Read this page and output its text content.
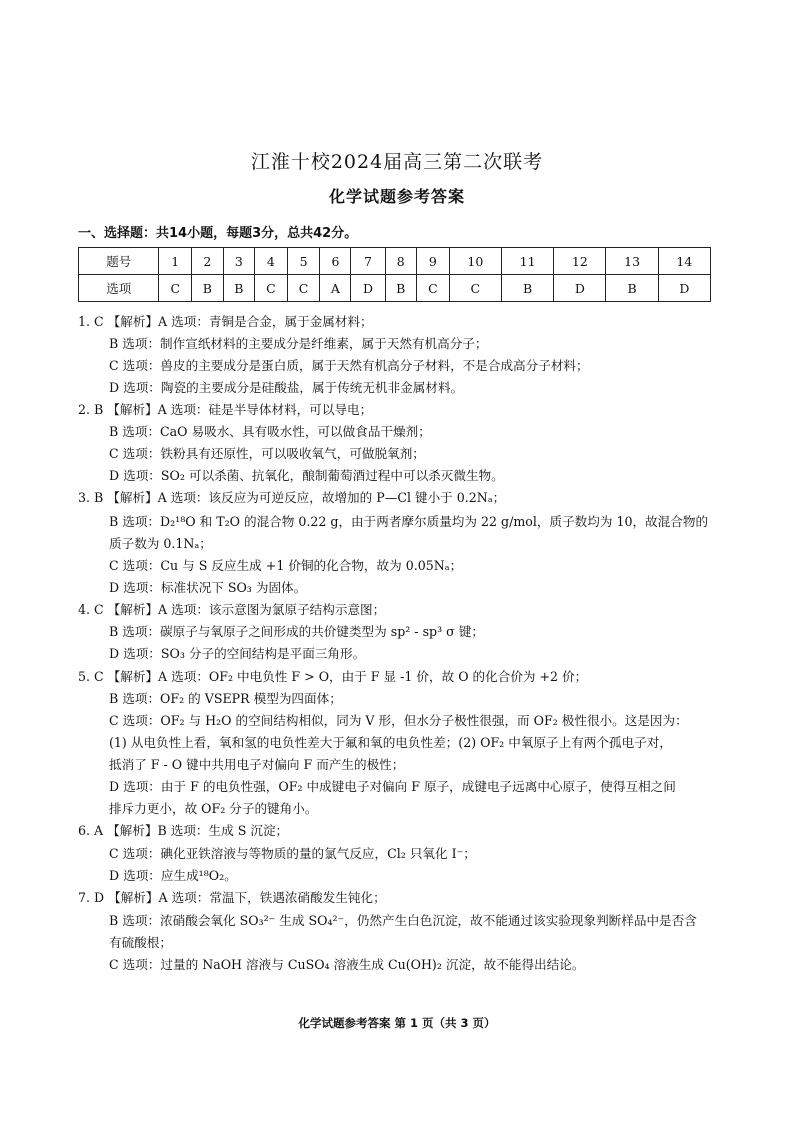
江淮十校2024届高三第二次联考
化学试题参考答案
一、选择题：共14小题，每题3分，总共42分。
题号	1	2	3	4	5	6	7	8	9	10	11	12	13	14
选项	C	B	B	C	C	A	D	B	C	C	B	D	B	D
1. C 【解析】A 选项：青铜是合金，属于金属材料；
B 选项：制作宣纸材料的主要成分是纤维素，属于天然有机高分子；
C 选项：兽皮的主要成分是蛋白质，属于天然有机高分子材料，不是合成高分子材料；
D 选项：陶瓷的主要成分是硅酸盐，属于传统无机非金属材料。
2. B 【解析】A 选项：硅是半导体材料，可以导电；
B 选项：CaO 易吸水、具有吸水性，可以做食品干燥剂；
C 选项：铁粉具有还原性，可以吸收氧气，可做脱氧剂；
D 选项：SO₂ 可以杀菌、抗氧化，酿制葡萄酒过程中可以杀灭微生物。
3. B 【解析】A 选项：该反应为可逆反应，故增加的 P—Cl 键小于 0.2Nₐ；
B 选项：D₂¹⁸O 和 T₂O 的混合物 0.22 g，由于两者摩尔质量均为 22 g/mol，质子数均为 10，故混合物的
质子数为 0.1Nₐ；
C 选项：Cu 与 S 反应生成 +1 价铜的化合物，故为 0.05Nₐ；
D 选项：标准状况下 SO₃ 为固体。
4. C 【解析】A 选项：该示意图为氯原子结构示意图；
B 选项：碳原子与氧原子之间形成的共价键类型为 sp² - sp³ σ 键；
D 选项：SO₃ 分子的空间结构是平面三角形。
5. C 【解析】A 选项：OF₂ 中电负性 F > O，由于 F 显 -1 价，故 O 的化合价为 +2 价；
B 选项：OF₂ 的 VSEPR 模型为四面体；
C 选项：OF₂ 与 H₂O 的空间结构相似，同为 V 形，但水分子极性很强，而 OF₂ 极性很小。这是因为：
(1) 从电负性上看，氧和氢的电负性差大于氟和氧的电负性差；(2) OF₂ 中氧原子上有两个孤电子对，
抵消了 F - O 键中共用电子对偏向 F 而产生的极性；
D 选项：由于 F 的电负性强，OF₂ 中成键电子对偏向 F 原子，成键电子远离中心原子，使得互相之间
排斥力更小，故 OF₂ 分子的键角小。
6. A 【解析】B 选项：生成 S 沉淀；
C 选项：碘化亚铁溶液与等物质的量的氯气反应，Cl₂ 只氧化 I⁻；
D 选项：应生成¹⁸O₂。
7. D 【解析】A 选项：常温下，铁遇浓硝酸发生钝化；
B 选项：浓硝酸会氧化 SO₃²⁻ 生成 SO₄²⁻，仍然产生白色沉淀，故不能通过该实验现象判断样品中是否含
有硫酸根；
C 选项：过量的 NaOH 溶液与 CuSO₄ 溶液生成 Cu(OH)₂ 沉淀，故不能得出结论。
化学试题参考答案 第 1 页（共 3 页）
